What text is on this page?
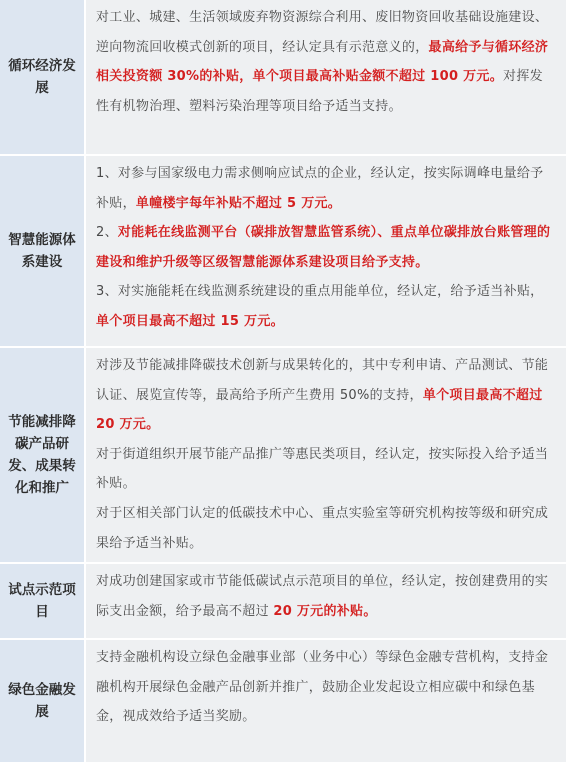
循环经济发展

对工业、城建、生活领域废弃物资源综合利用、废旧物资回收基础设施建设、逆向物流回收模式创新的项目，经认定具有示范意义的，最高给予与循环经济相关投资额 30%的补贴，单个项目最高补贴金额不超过 100 万元。对挥发性有机物治理、塑料污染治理等项目给予适当支持。

智慧能源体系建设

1、对参与国家级电力需求侧响应试点的企业，经认定，按实际调峰电量给予补贴，单幢楼宇每年补贴不超过 5 万元。

2、对能耗在线监测平台（碳排放智慧监管系统）、重点单位碳排放台账管理的建设和维护升级等区级智慧能源体系建设项目给予支持。

3、对实施能耗在线监测系统建设的重点用能单位，经认定，给予适当补贴，单个项目最高不超过 15 万元。

节能减排降碳产品研发、成果转化和推广

对涉及节能减排降碳技术创新与成果转化的，其中专利申请、产品测试、节能认证、展览宣传等，最高给予所产生费用 50%的支持，单个项目最高不超过 20 万元。

对于街道组织开展节能产品推广等惠民类项目，经认定，按实际投入给予适当补贴。

对于区相关部门认定的低碳技术中心、重点实验室等研究机构按等级和研究成果给予适当补贴。

试点示范项目

对成功创建国家或市节能低碳试点示范项目的单位，经认定，按创建费用的实际支出金额，给予最高不超过 20 万元的补贴。

绿色金融发展

支持金融机构设立绿色金融事业部（业务中心）等绿色金融专营机构，支持金融机构开展绿色金融产品创新并推广，鼓励企业发起设立相应碳中和绿色基金，视成效给予适当奖励。
